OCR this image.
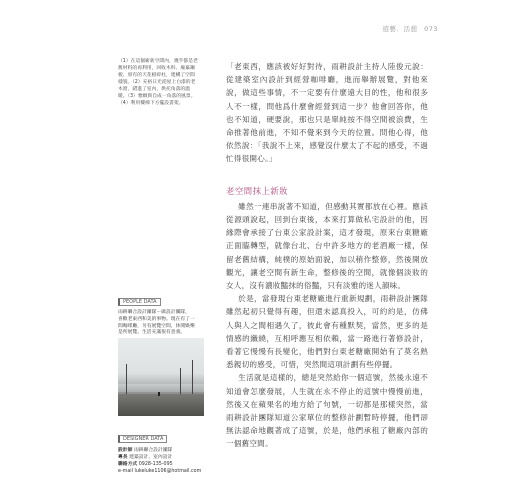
遊藝．活憩 073
（1）在這個嶄新空間內，幾乎都是老
舊材料的再利用，回收木料、廢棄鋼
板、原有的天花板碎柱，建構了空間
樣貌。（2）充裕日光從屋上白漆的老
木窗，錯進了室內，烘托角落的溫
暖。（3）雅緻與自成一角落的風景。
（4）利用樓梯下方擺設書架。
PEOPLE DATA
雨耕聯合設計團隊－做設計團隊，
喜歡老東西和美的事物。現在有了一
間咖啡廳，另有展覽空間，休閒娛樂
是所展覽。生活充滿很有意義。
DESIGNER DATA
設計師 雨耕聯合設計團隊
專長 建築設計、室內設計
聯絡方式 0928-135-095
e-mail lukeluke1106@hotmail.com

「老東西，應該被好好對待，雨耕設計主持人陸俊元說：從建築室內設計到經營咖啡廳，進而舉辦展覽，對他來說，做這些事情，不一定要有什麼遠大目的性，他和很多人不一樣，問他爲什麼會經營到這一步？他會回答你，他也不知道，硬要說，那也只是單純按不得空間被浪費，生命推著他前進，不知不覺來到今天的位置。問他心得，他依然說：「我說不上來，感覺沒什麼太了不起的感受，不過忙得很開心。」

老空間抹上新妝

雖然一連串說著不知道，但感動其實都放在心裡。應該從源頭說起，回到台東後，本來打算做私宅設計的他，因緣際會承接了台東公家設計案，這才發現，原來台東糖廠正面臨轉型，就像台北、台中許多地方的老酒廠一樣，保留老舊結構，純樸的原始面貌，加以稍作整修，然後開放觀光，讓老空間有新生命，整修後的空間，就像個淡妝的女人，沒有濃妝豔抹的俗豔，只有淡雅的迷人韻味。

於是，當發現台東老糖廠進行重新規劃，雨耕設計團隊雖然起初只覺得有趣，但還未認真投入，可約約是，仿佛人與人之間相遇久了，彼此會有種默契，當然，更多的是情感的纖繞，互相呼應互相依賴，當一路進行著修設計，看著它慢慢有長變化，他們對台東老糖廠開始有了莫名熟悉親切的感受，可惜，突然間這項計劃有些停擺。

生活就是這樣的，總是突然給你一個這號，然後永遠不知道會怎麼發展，人生就在永不停止的這號中慢慢前進，然後又在蘋果名的地方給了句號，一切都是那樣突然，當雨耕設計團隊知道公家單位的整修計劃暫時停擺，他們卻無法認命地觀著成了這號，於是，他們承租了糖廠內部的一個舊空間。
